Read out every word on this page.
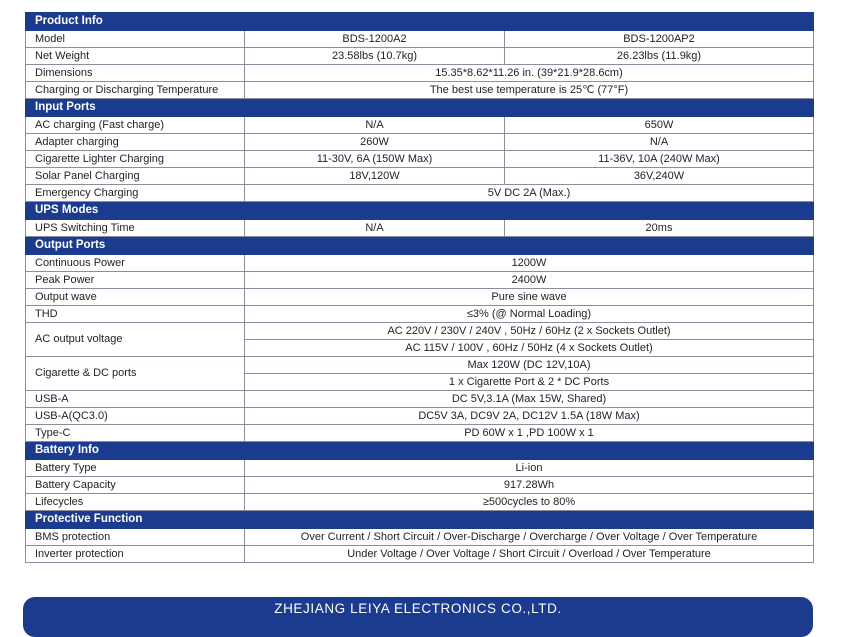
Product Info		
Model	BDS-1200A2	BDS-1200AP2
Net Weight	23.58lbs (10.7kg)	26.23lbs (11.9kg)
Dimensions	15.35*8.62*11.26 in. (39*21.9*28.6cm)	
Charging or Discharging Temperature	The best use temperature is 25℃ (77°F)	
Input Ports		
AC charging (Fast charge)	N/A	650W
Adapter charging	260W	N/A
Cigarette Lighter Charging	11-30V, 6A (150W Max)	11-36V, 10A (240W Max)
Solar Panel Charging	18V,120W	36V,240W
Emergency Charging	5V DC 2A (Max.)	
UPS Modes		
UPS Switching Time	N/A	20ms
Output Ports		
Continuous Power	1200W	
Peak Power	2400W	
Output wave	Pure sine wave	
THD	≤3% (@ Normal Loading)	
AC output voltage	AC 220V / 230V / 240V , 50Hz / 60Hz (2 x Sockets Outlet)	
	AC 115V / 100V , 60Hz / 50Hz (4 x Sockets Outlet)	
Cigarette & DC ports	Max 120W (DC 12V,10A)	
	1 x Cigarette Port & 2 * DC Ports	
USB-A	DC 5V,3.1A (Max 15W, Shared)	
USB-A(QC3.0)	DC5V 3A, DC9V 2A, DC12V 1.5A (18W Max)	
Type-C	PD 60W x 1 ,PD 100W x 1	
Battery Info		
Battery Type	Li-ion	
Battery Capacity	917.28Wh	
Lifecycles	≥500cycles to 80%	
Protective Function		
BMS protection	Over Current / Short Circuit / Over-Discharge / Overcharge / Over Voltage / Over Temperature	
Inverter protection	Under Voltage / Over Voltage / Short Circuit / Overload / Over Temperature	
ZHEJIANG LEIYA ELECTRONICS CO.,LTD.
